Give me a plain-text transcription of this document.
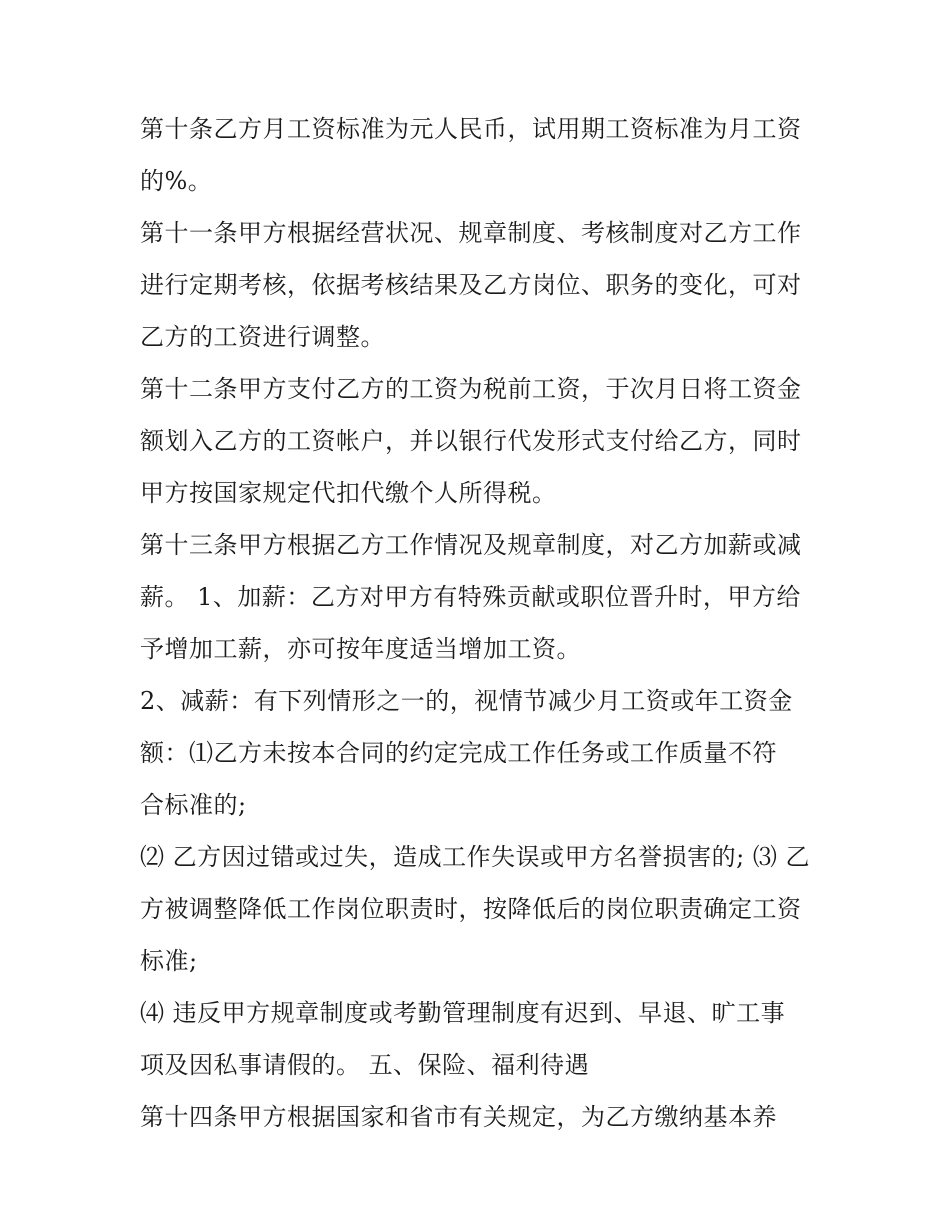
第十条乙方月工资标准为元人民币，试用期工资标准为月工资
的%。
第十一条甲方根据经营状况、规章制度、考核制度对乙方工作
进行定期考核，依据考核结果及乙方岗位、职务的变化，可对
乙方的工资进行调整。
第十二条甲方支付乙方的工资为税前工资，于次月日将工资金
额划入乙方的工资帐户，并以银行代发形式支付给乙方，同时
甲方按国家规定代扣代缴个人所得税。
第十三条甲方根据乙方工作情况及规章制度，对乙方加薪或减
薪。 1、加薪：乙方对甲方有特殊贡献或职位晋升时，甲方给
予增加工薪，亦可按年度适当增加工资。
2、减薪：有下列情形之一的，视情节减少月工资或年工资金
额：⑴乙方未按本合同的约定完成工作任务或工作质量不符
合标准的;
⑵ 乙方因过错或过失，造成工作失误或甲方名誉损害的; ⑶ 乙
方被调整降低工作岗位职责时，按降低后的岗位职责确定工资
标准;
⑷ 违反甲方规章制度或考勤管理制度有迟到、早退、旷工事
项及因私事请假的。 五、保险、福利待遇
第十四条甲方根据国家和省市有关规定，为乙方缴纳基本养
